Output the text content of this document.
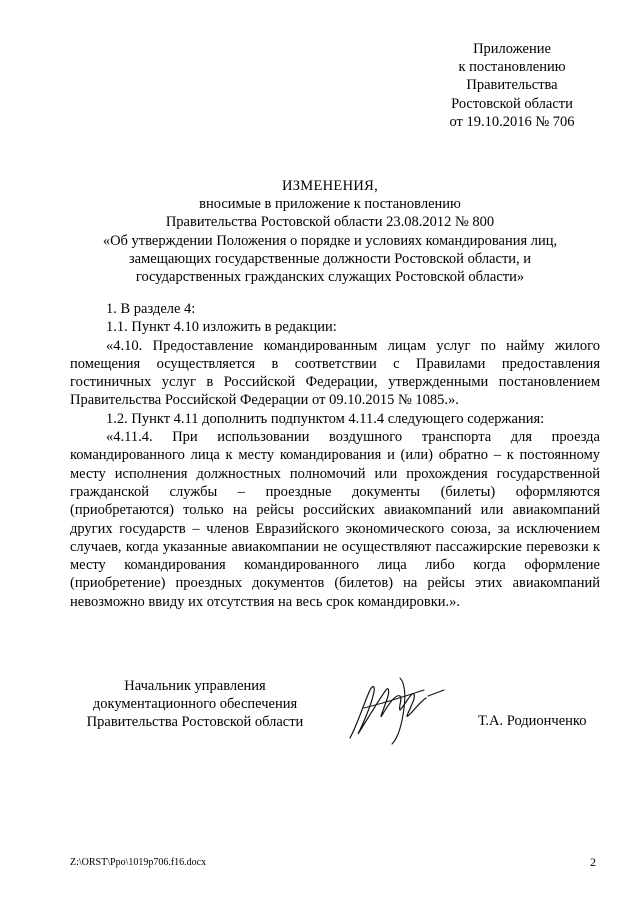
Приложение
к постановлению
Правительства
Ростовской области
от 19.10.2016 № 706
ИЗМЕНЕНИЯ,
вносимые в приложение к постановлению
Правительства Ростовской области 23.08.2012 № 800
«Об утверждении Положения о порядке и условиях командирования лиц,
замещающих государственные должности Ростовской области, и
государственных гражданских служащих Ростовской области»

1. В разделе 4:

1.1. Пункт 4.10 изложить в редакции:

«4.10. Предоставление командированным лицам услуг по найму жилого помещения осуществляется в соответствии с Правилами предоставления гостиничных услуг в Российской Федерации, утвержденными постановлением Правительства Российской Федерации от 09.10.2015 № 1085.».

1.2. Пункт 4.11 дополнить подпунктом 4.11.4 следующего содержания:

«4.11.4. При использовании воздушного транспорта для проезда командированного лица к месту командирования и (или) обратно – к постоянному месту исполнения должностных полномочий или прохождения государственной гражданской службы – проездные документы (билеты) оформляются (приобретаются) только на рейсы российских авиакомпаний или авиакомпаний других государств – членов Евразийского экономического союза, за исключением случаев, когда указанные авиакомпании не осуществляют пассажирские перевозки к месту командирования командированного лица либо когда оформление (приобретение) проездных документов (билетов) на рейсы этих авиакомпаний невозможно ввиду их отсутствия на весь срок командировки.».

Начальник управления
документационного обеспечения
Правительства Ростовской области	Т.А. Родионченко
Z:\ORST\Ppo\1019p706.f16.docx	2
